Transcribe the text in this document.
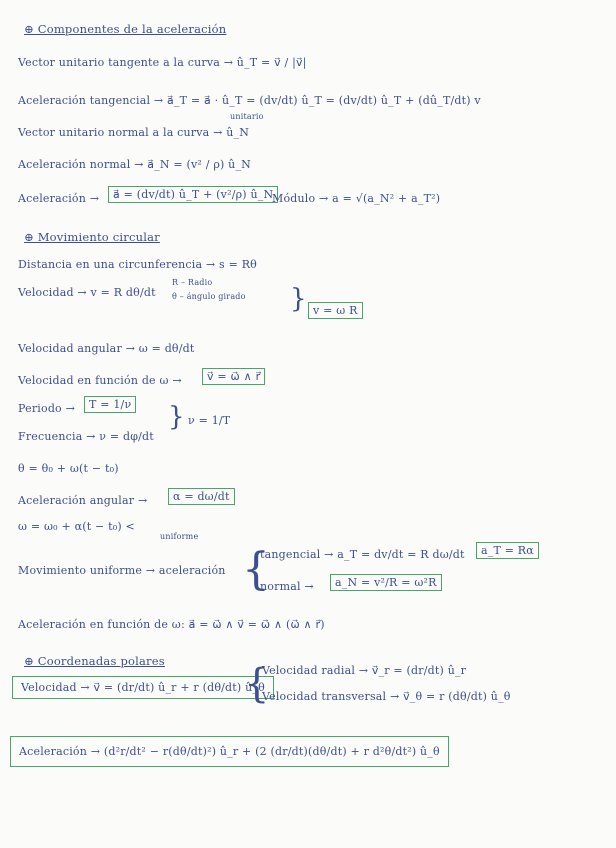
⊕ Componentes de la aceleración
Vector unitario tangente a la curva → û_T = v⃗ / |v⃗|
Aceleración tangencial → a⃗_T = a⃗ · û_T = (dv/dt) û_T = (dv/dt) û_T + (dû_T/dt) v
unitario
Vector unitario normal a la curva → û_N
Aceleración normal → a⃗_N = (v² / ρ) û_N
Aceleración →	a⃗ = (dv/dt) û_T + (v²/ρ) û_N
Módulo → a = √(a_N² + a_T²)
⊕ Movimiento circular
Distancia en una circunferencia → s = Rθ
Velocidad → v = R dθ/dt
R – Radio
θ – ángulo girado } v = ω R
Velocidad angular → ω = dθ/dt
Velocidad en función de ω →	v⃗ = ω⃗ ∧ r⃗
Periodo →	T = 1/ν } ν = 1/T
Frecuencia → ν = dφ/dt
θ = θ₀ + ω(t − t₀)
Aceleración angular →	α = dω/dt
ω = ω₀ + α(t − t₀) <
uniforme
Movimiento uniforme → aceleración {
tangencial → a_T = dv/dt = R dω/dt	a_T = Rα
normal →	a_N = v²/R = ω²R
Aceleración en función de ω: a⃗ = ω⃗ ∧ v⃗ = ω⃗ ∧ (ω⃗ ∧ r⃗)
⊕ Coordenadas polares
Velocidad → v⃗ = (dr/dt) û_r + r (dθ/dt) û_θ
{
Velocidad radial → v⃗_r = (dr/dt) û_r
Velocidad transversal → v⃗_θ = r (dθ/dt) û_θ
Aceleración → (d²r/dt² − r(dθ/dt)²) û_r + (2 (dr/dt)(dθ/dt) + r d²θ/dt²) û_θ
